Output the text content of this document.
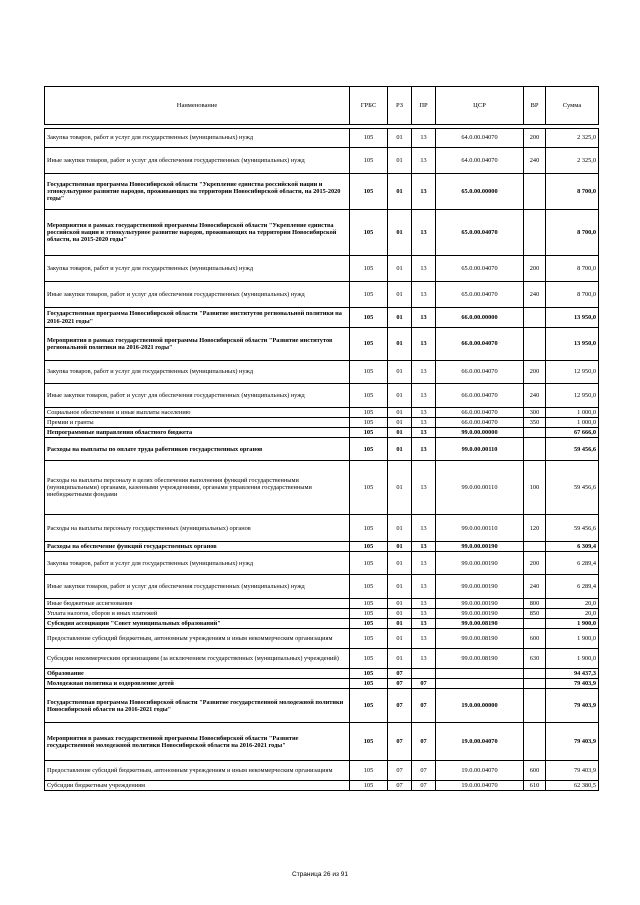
Наименование	ГРБС	РЗ	ПР	ЦСР	ВР	Сумма

Закупка товаров, работ и услуг для государственных (муниципальных) нужд	105	01	13	64.0.00.04070	200	2 325,0
Иные закупки товаров, работ и услуг для обеспечения государственных (муниципальных) нужд	105	01	13	64.0.00.04070	240	2 325,0
Государственная программа Новосибирской области "Укрепление единства российской нации и этнокультурное развитие народов, проживающих на территории Новосибирской области, на 2015-2020 годы"	105	01	13	65.0.00.00000		8 700,0
Мероприятия в рамках государственной программы Новосибирской области "Укрепление единства российской нации и этнокультурное развитие народов, проживающих на территории Новосибирской области, на 2015-2020 годы"	105	01	13	65.0.00.04070		8 700,0
Закупка товаров, работ и услуг для государственных (муниципальных) нужд	105	01	13	65.0.00.04070	200	8 700,0
Иные закупки товаров, работ и услуг для обеспечения государственных (муниципальных) нужд	105	01	13	65.0.00.04070	240	8 700,0
Государственная программа Новосибирской области "Развитие институтов региональной политики на 2016-2021 годы"	105	01	13	66.0.00.00000		13 950,0
Мероприятия в рамках государственной программы Новосибирской области "Развитие институтов региональной политики на 2016-2021 годы"	105	01	13	66.0.00.04070		13 950,0
Закупка товаров, работ и услуг для государственных (муниципальных) нужд	105	01	13	66.0.00.04070	200	12 950,0
Иные закупки товаров, работ и услуг для обеспечения государственных (муниципальных) нужд	105	01	13	66.0.00.04070	240	12 950,0
Социальное обеспечение и иные выплаты населению	105	01	13	66.0.00.04070	300	1 000,0
Премии и гранты	105	01	13	66.0.00.04070	350	1 000,0
Непрограммные направления областного бюджета	105	01	13	99.0.00.00000		67 666,0
Расходы на выплаты по оплате труда работников государственных органов	105	01	13	99.0.00.00110		59 456,6
Расходы на выплаты персоналу в целях обеспечения выполнения функций государственными (муниципальными) органами, казенными учреждениями, органами управления государственными внебюджетными фондами	105	01	13	99.0.00.00110	100	59 456,6
Расходы на выплаты персоналу государственных (муниципальных) органов	105	01	13	99.0.00.00110	120	59 456,6
Расходы на обеспечение функций государственных органов	105	01	13	99.0.00.00190		6 309,4
Закупка товаров, работ и услуг для государственных (муниципальных) нужд	105	01	13	99.0.00.00190	200	6 289,4
Иные закупки товаров, работ и услуг для обеспечения государственных (муниципальных) нужд	105	01	13	99.0.00.00190	240	6 289,4
Иные бюджетные ассигнования	105	01	13	99.0.00.00190	800	20,0
Уплата налогов, сборов и иных платежей	105	01	13	99.0.00.00190	850	20,0
Субсидия ассоциации "Совет муниципальных образований"	105	01	13	99.0.00.08190		1 900,0
Предоставление субсидий бюджетным, автономным учреждениям и иным некоммерческим организациям	105	01	13	99.0.00.08190	600	1 900,0
Субсидии некоммерческим организациям (за исключением государственных (муниципальных) учреждений)	105	01	13	99.0.00.08190	630	1 900,0
Образование	105	07				94 437,3
Молодежная политика и оздоровление детей	105	07	07			79 403,9
Государственная программа Новосибирской области "Развитие государственной молодежной политики Новосибирской области на 2016-2021 годы"	105	07	07	19.0.00.00000		79 403,9
Мероприятия в рамках государственной программы Новосибирской области "Развитие государственной молодежной политики Новосибирской области на 2016-2021 годы"	105	07	07	19.0.00.04070		79 403,9
Предоставление субсидий бюджетным, автономным учреждениям и иным некоммерческим организациям	105	07	07	19.0.00.04070	600	79 403,9
Субсидии бюджетным учреждениям	105	07	07	19.0.00.04070	610	62 380,5
Страница 26 из 91
